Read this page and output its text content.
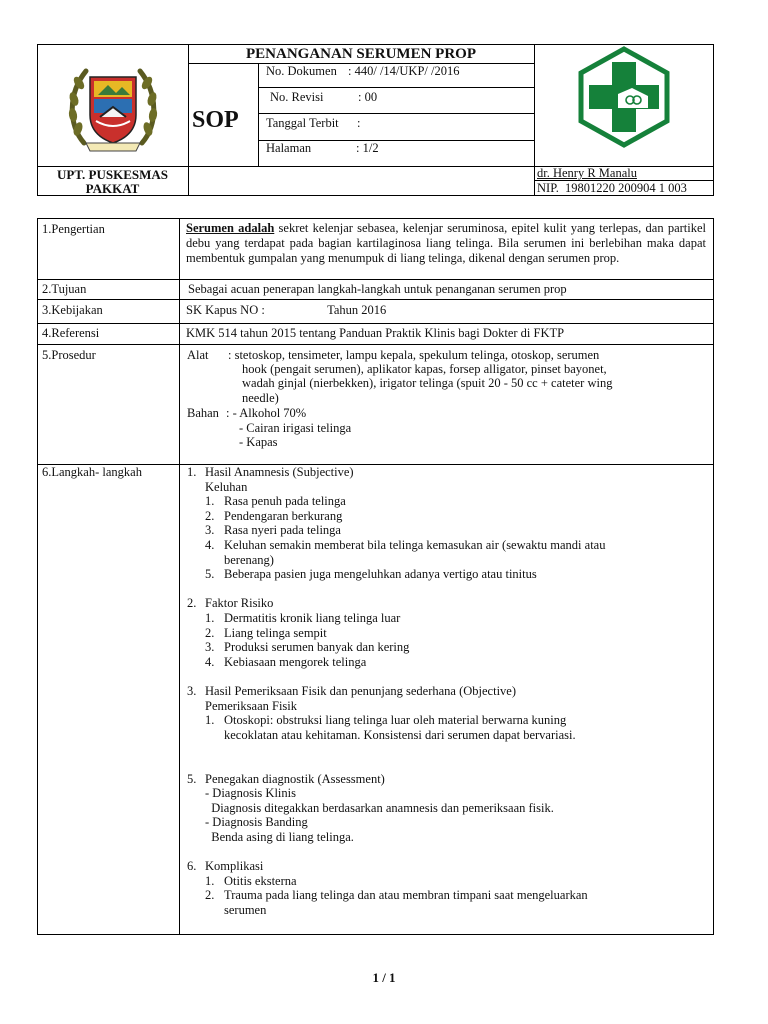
PENANGANAN SERUMEN PROP
SOP
No. Dokumen : 440/ /14/UKP/ /2016
No. Revisi	: 00
Tanggal Terbit :
Halaman	: 1/2
UPT. PUSKESMAS
PAKKAT
dr. Henry R Manalu
NIP. 19801220 200904 1 003
1.Pengertian	Serumen adalah sekret kelenjar sebasea, kelenjar seruminosa, epitel kulit yang terlepas, dan partikel debu yang terdapat pada bagian kartilaginosa liang telinga. Bila serumen ini berlebihan maka dapat membentuk gumpalan yang menumpuk di liang telinga, dikenal dengan serumen prop.
2.Tujuan	Sebagai acuan penerapan langkah-langkah untuk penanganan serumen prop
3.Kebijakan	SK Kapus NO :                    Tahun 2016
4.Referensi	KMK 514 tahun 2015 tentang Panduan Praktik Klinis bagi Dokter di FKTP
5.Prosedur	Alat : stetoskop, tensimeter, lampu kepala, spekulum telinga, otoskop, serumen
hook (pengait serumen), aplikator kapas, forsep alligator, pinset bayonet,
wadah ginjal (nierbekken), irigator telinga (spuit 20 - 50 cc + cateter wing
needle)
Bahan : - Alkohol 70%
- Cairan irigasi telinga
- Kapas
6.Langkah- langkah	1. Hasil Anamnesis (Subjective)
Keluhan
1. Rasa penuh pada telinga
2. Pendengaran berkurang
3. Rasa nyeri pada telinga
4. Keluhan semakin memberat bila telinga kemasukan air (sewaktu mandi atau
berenang)
5. Beberapa pasien juga mengeluhkan adanya vertigo atau tinitus
2. Faktor Risiko
1. Dermatitis kronik liang telinga luar
2. Liang telinga sempit
3. Produksi serumen banyak dan kering
4. Kebiasaan mengorek telinga
3. Hasil Pemeriksaan Fisik dan penunjang sederhana (Objective)
Pemeriksaan Fisik
1. Otoskopi: obstruksi liang telinga luar oleh material berwarna kuning
kecoklatan atau kehitaman. Konsistensi dari serumen dapat bervariasi.
5. Penegakan diagnostik (Assessment)
- Diagnosis Klinis
Diagnosis ditegakkan berdasarkan anamnesis dan pemeriksaan fisik.
- Diagnosis Banding
Benda asing di liang telinga.
6. Komplikasi
1. Otitis eksterna
2. Trauma pada liang telinga dan atau membran timpani saat mengeluarkan
serumen
1 / 1
